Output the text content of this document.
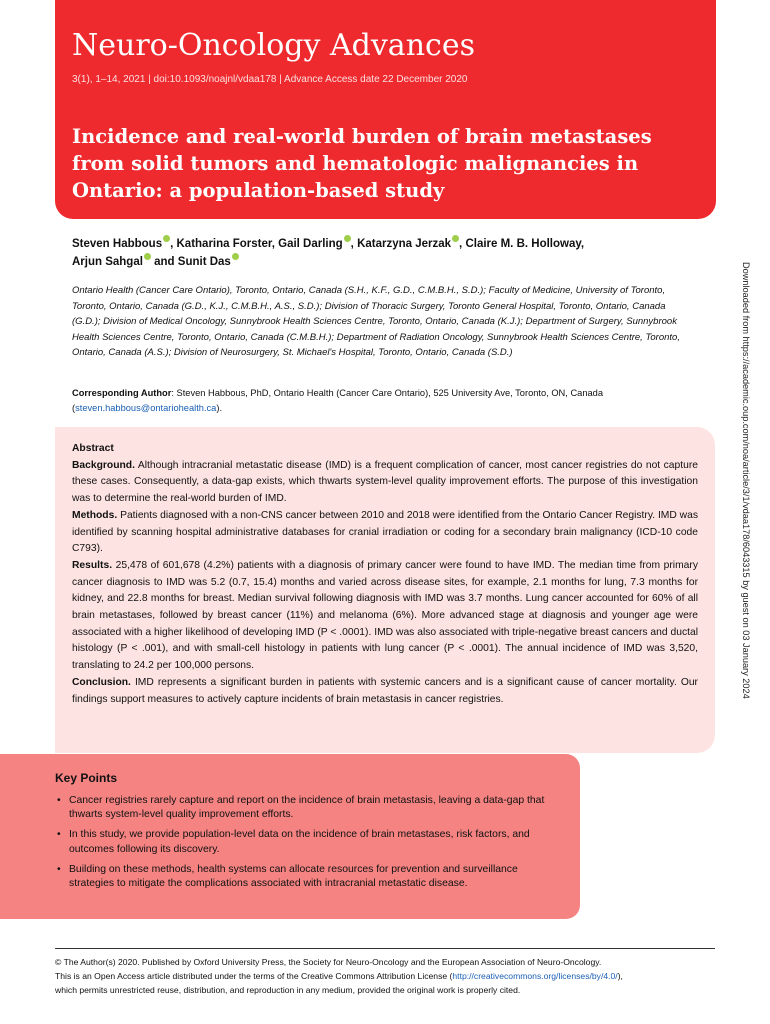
1
Neuro-Oncology Advances
3(1), 1–14, 2021 | doi:10.1093/noajnl/vdaa178 | Advance Access date 22 December 2020
Incidence and real-world burden of brain metastases from solid tumors and hematologic malignancies in Ontario: a population-based study
Steven Habbous , Katharina Forster, Gail Darling , Katarzyna Jerzak , Claire M. B. Holloway,
Arjun Sahgal and Sunit Das
Ontario Health (Cancer Care Ontario), Toronto, Ontario, Canada (S.H., K.F., G.D., C.M.B.H., S.D.); Faculty of Medicine, University of Toronto, Toronto, Ontario, Canada (G.D., K.J., C.M.B.H., A.S., S.D.); Division of Thoracic Surgery, Toronto General Hospital, Toronto, Ontario, Canada (G.D.); Division of Medical Oncology, Sunnybrook Health Sciences Centre, Toronto, Ontario, Canada (K.J.); Department of Surgery, Sunnybrook Health Sciences Centre, Toronto, Ontario, Canada (C.M.B.H.); Department of Radiation Oncology, Sunnybrook Health Sciences Centre, Toronto, Ontario, Canada (A.S.); Division of Neurosurgery, St. Michael's Hospital, Toronto, Ontario, Canada (S.D.)
Corresponding Author: Steven Habbous, PhD, Ontario Health (Cancer Care Ontario), 525 University Ave, Toronto, ON, Canada
(steven.habbous@ontariohealth.ca).

Abstract

Background. Although intracranial metastatic disease (IMD) is a frequent complication of cancer, most cancer registries do not capture these cases. Consequently, a data-gap exists, which thwarts system-level quality improvement efforts. The purpose of this investigation was to determine the real-world burden of IMD.

Methods. Patients diagnosed with a non-CNS cancer between 2010 and 2018 were identified from the Ontario Cancer Registry. IMD was identified by scanning hospital administrative databases for cranial irradiation or coding for a secondary brain malignancy (ICD-10 code C793).

Results. 25,478 of 601,678 (4.2%) patients with a diagnosis of primary cancer were found to have IMD. The median time from primary cancer diagnosis to IMD was 5.2 (0.7, 15.4) months and varied across disease sites, for example, 2.1 months for lung, 7.3 months for kidney, and 22.8 months for breast. Median survival following diagnosis with IMD was 3.7 months. Lung cancer accounted for 60% of all brain metastases, followed by breast cancer (11%) and melanoma (6%). More advanced stage at diagnosis and younger age were associated with a higher likelihood of developing IMD (P < .0001). IMD was also associated with triple-negative breast cancers and ductal histology (P < .001), and with small-cell histology in patients with lung cancer (P < .0001). The annual incidence of IMD was 3,520, translating to 24.2 per 100,000 persons.

Conclusion. IMD represents a significant burden in patients with systemic cancers and is a significant cause of cancer mortality. Our findings support measures to actively capture incidents of brain metastasis in cancer registries.

Key Points
• Cancer registries rarely capture and report on the incidence of brain metastasis, leaving a data-gap that thwarts system-level quality improvement efforts.
• In this study, we provide population-level data on the incidence of brain metastases, risk factors, and outcomes following its discovery.
• Building on these methods, health systems can allocate resources for prevention and surveillance strategies to mitigate the complications associated with intracranial metastatic disease.
© The Author(s) 2020. Published by Oxford University Press, the Society for Neuro-Oncology and the European Association of Neuro-Oncology.
This is an Open Access article distributed under the terms of the Creative Commons Attribution License (http://creativecommons.org/licenses/by/4.0/),
which permits unrestricted reuse, distribution, and reproduction in any medium, provided the original work is properly cited.
Downloaded from https://academic.oup.com/noa/article/3/1/vdaa178/6043315 by guest on 03 January 2024
